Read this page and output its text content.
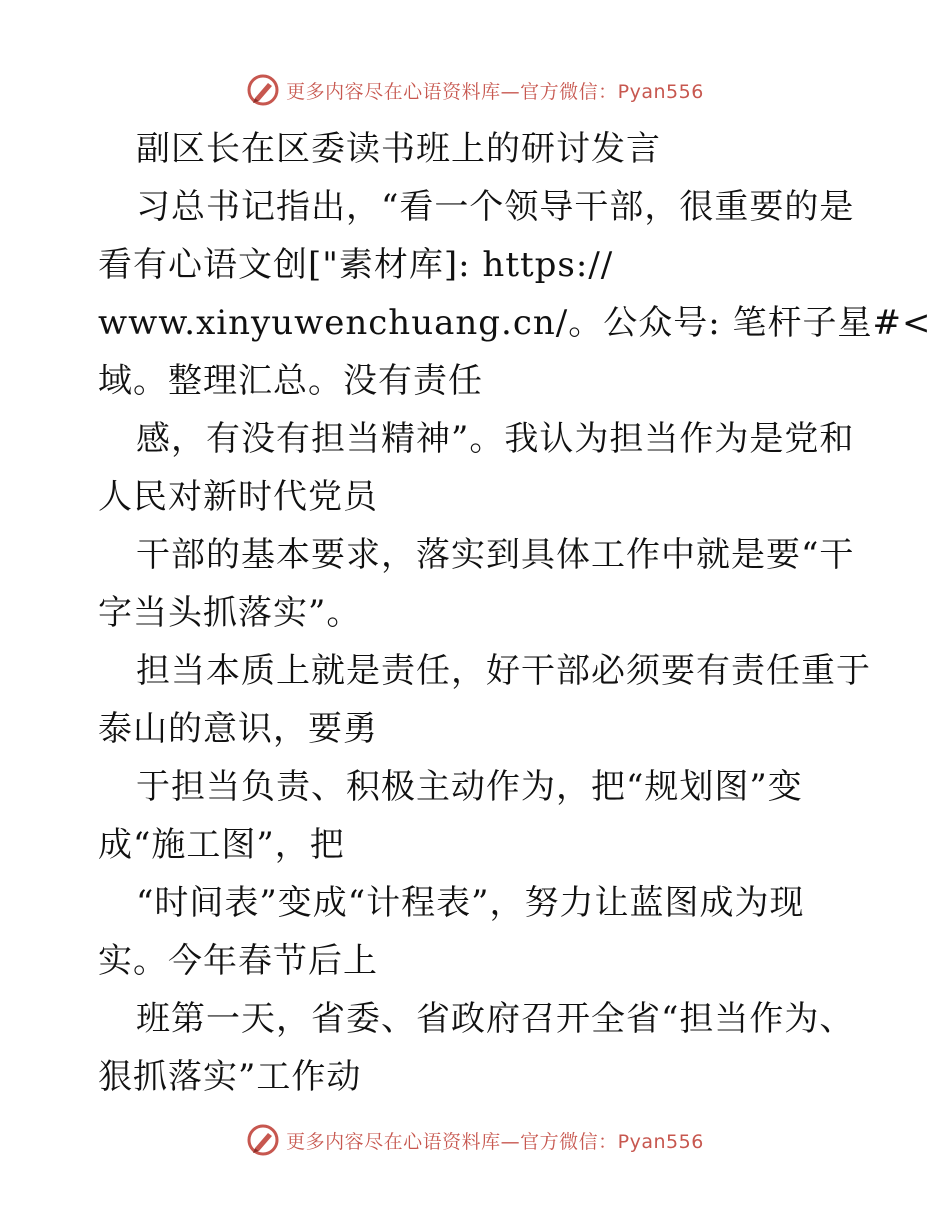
更多内容尽在心语资料库—官方微信：Pyan556
副区长在区委读书班上的研讨发言
习总书记指出，“看一个领导干部，很重要的是
看有心语文创["素材库]: https://
www.xinyuwenchuang.cn/。公众号: 笔杆子星#<
域。整理汇总。没有责任
感，有没有担当精神”。我认为担当作为是党和
人民对新时代党员
干部的基本要求，落实到具体工作中就是要“干
字当头抓落实”。
担当本质上就是责任，好干部必须要有责任重于
泰山的意识，要勇
于担当负责、积极主动作为，把“规划图”变
成“施工图”，把
“时间表”变成“计程表”，努力让蓝图成为现
实。今年春节后上
班第一天，省委、省政府召开全省“担当作为、
狠抓落实”工作动
更多内容尽在心语资料库—官方微信：Pyan556
